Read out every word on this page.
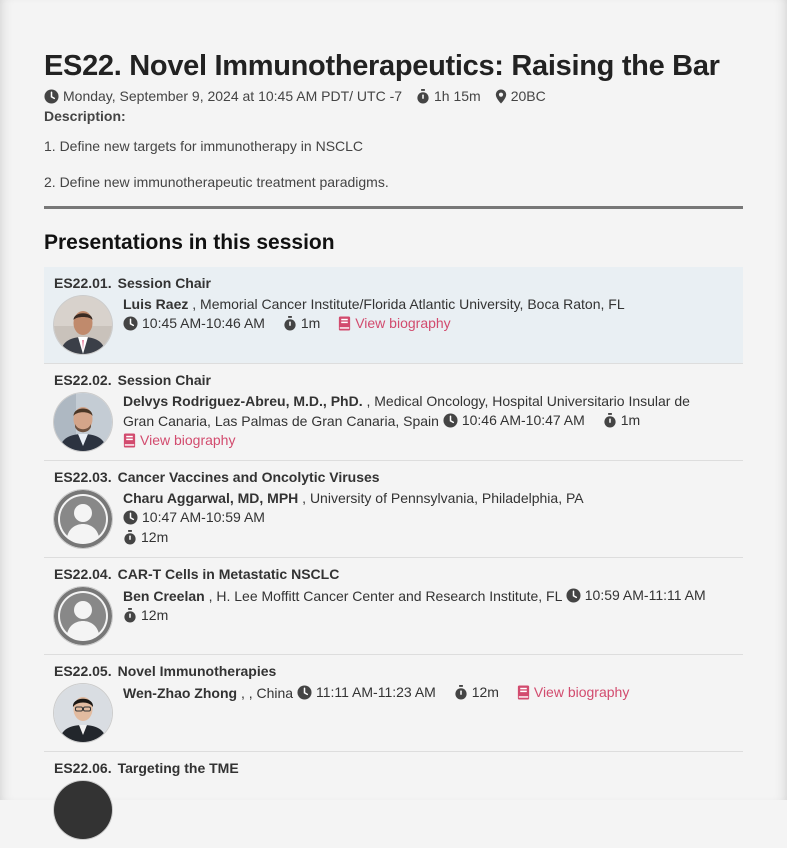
ES22. Novel Immunotherapeutics: Raising the Bar
Monday, September 9, 2024 at 10:45 AM PDT/ UTC -7 1h 15m 20BC
Description:
1. Define new targets for immunotherapy in NSCLC
2. Define new immunotherapeutic treatment paradigms.
Presentations in this session
ES22.01. Session Chair
Luis Raez , Memorial Cancer Institute/Florida Atlantic University, Boca Raton, FL

10:45 AM-10:46 AM
	1m
View biography
ES22.02. Session Chair
Delvys Rodriguez-Abreu, M.D., PhD. , Medical Oncology, Hospital Universitario Insular de Gran Canaria, Las Palmas de Gran Canaria, Spain 10:46 AM-10:47 AM
	1m

View biography
ES22.03. Cancer Vaccines and Oncolytic Viruses
Charu Aggarwal, MD, MPH , University of Pennsylvania, Philadelphia, PA
10:47 AM-10:59 AM

12m
ES22.04. CAR-T Cells in Metastatic NSCLC
Ben Creelan , H. Lee Moffitt Cancer Center and Research Institute, FL 10:59 AM-11:11 AM

12m
ES22.05. Novel Immunotherapies
Wen-Zhao Zhong , , China 11:11 AM-11:23 AM
	12m
View biography
ES22.06. Targeting the TME
